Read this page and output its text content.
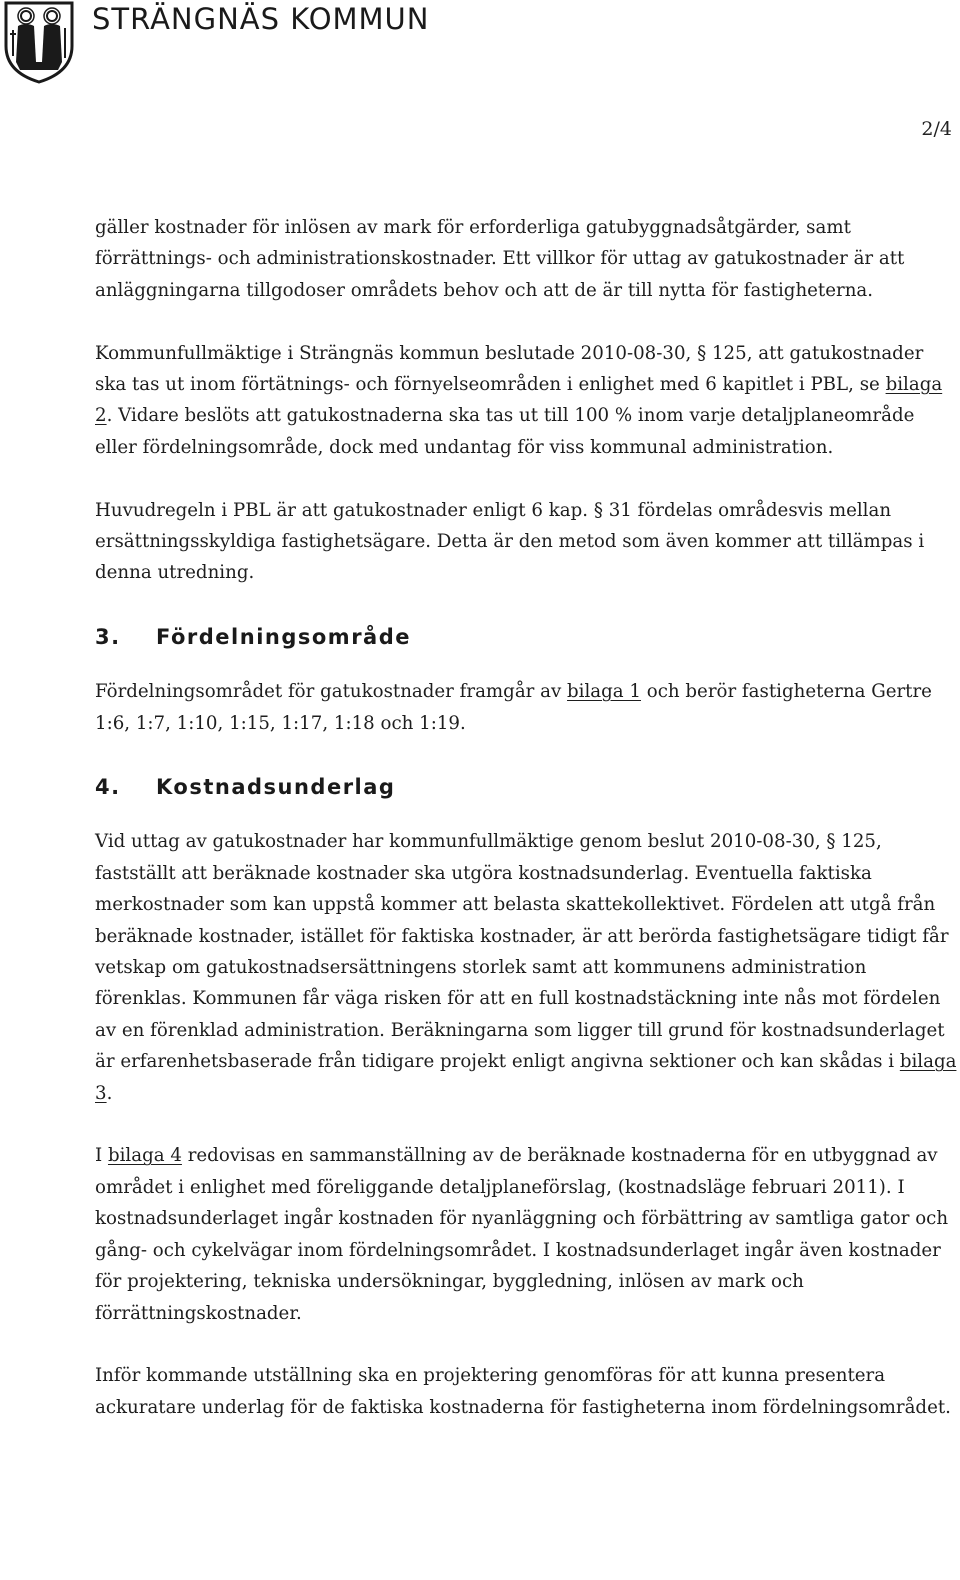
STRÄNGNÄS KOMMUN
2/4

gäller kostnader för inlösen av mark för erforderliga gatubyggnadsåtgärder, samt förrättnings- och administrationskostnader. Ett villkor för uttag av gatukostnader är att anläggningarna tillgodoser områdets behov och att de är till nytta för fastigheterna.

Kommunfullmäktige i Strängnäs kommun beslutade 2010-08-30, § 125, att gatukostnader ska tas ut inom förtätnings- och förnyelseområden i enlighet med 6 kapitlet i PBL, se bilaga 2. Vidare beslöts att gatukostnaderna ska tas ut till 100 % inom varje detaljplaneområde eller fördelningsområde, dock med undantag för viss kommunal administration.

Huvudregeln i PBL är att gatukostnader enligt 6 kap. § 31 fördelas områdesvis mellan ersättningsskyldiga fastighetsägare. Detta är den metod som även kommer att tillämpas i denna utredning.

3. Fördelningsområde

Fördelningsområdet för gatukostnader framgår av bilaga 1 och berör fastigheterna Gertre 1:6, 1:7, 1:10, 1:15, 1:17, 1:18 och 1:19.

4. Kostnadsunderlag

Vid uttag av gatukostnader har kommunfullmäktige genom beslut 2010-08-30, § 125, fastställt att beräknade kostnader ska utgöra kostnadsunderlag. Eventuella faktiska merkostnader som kan uppstå kommer att belasta skattekollektivet. Fördelen att utgå från beräknade kostnader, istället för faktiska kostnader, är att berörda fastighetsägare tidigt får vetskap om gatukostnadsersättningens storlek samt att kommunens administration förenklas. Kommunen får väga risken för att en full kostnadstäckning inte nås mot fördelen av en förenklad administration. Beräkningarna som ligger till grund för kostnadsunderlaget är erfarenhetsbaserade från tidigare projekt enligt angivna sektioner och kan skådas i bilaga 3.

I bilaga 4 redovisas en sammanställning av de beräknade kostnaderna för en utbyggnad av området i enlighet med föreliggande detaljplaneförslag, (kostnadsläge februari 2011). I kostnadsunderlaget ingår kostnaden för nyanläggning och förbättring av samtliga gator och gång- och cykelvägar inom fördelningsområdet. I kostnadsunderlaget ingår även kostnader för projektering, tekniska undersökningar, byggledning, inlösen av mark och förrättningskostnader.

Inför kommande utställning ska en projektering genomföras för att kunna presentera ackuratare underlag för de faktiska kostnaderna för fastigheterna inom fördelningsområdet.
